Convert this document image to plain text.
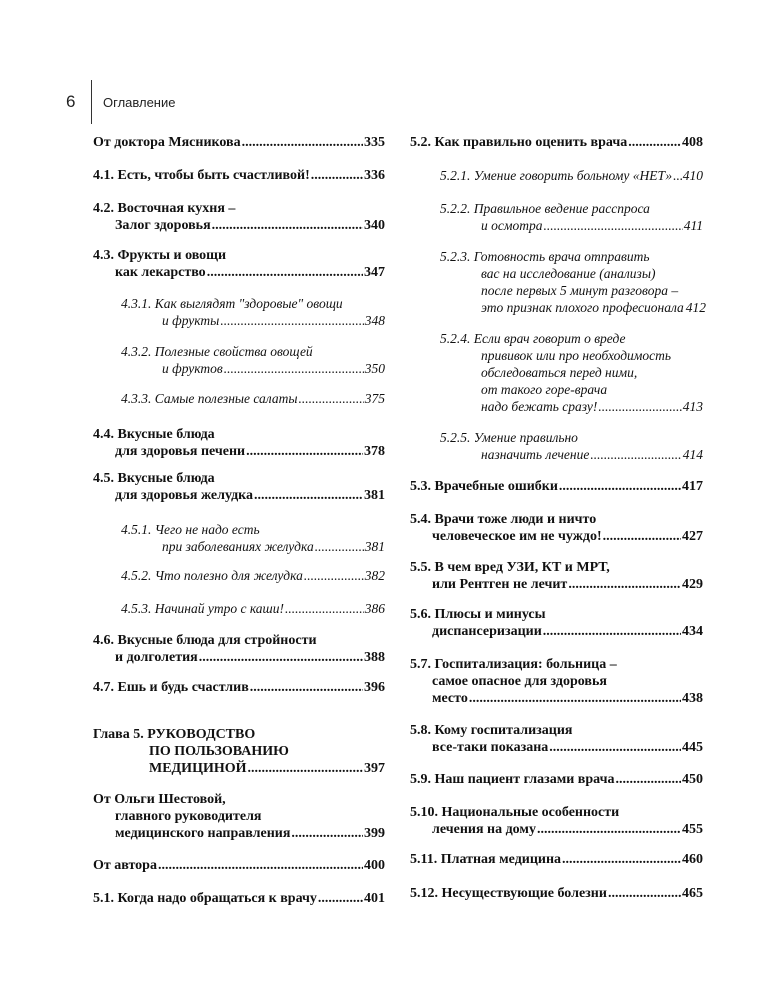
6 Оглавление
От доктора Мясникова .....	335
4.1. Есть, чтобы быть счастливой! .....	336
4.2. Восточная кухня –
Залог здоровья .....	340
4.3. Фрукты и овощи
как лекарство .....	347
4.3.1. Как выглядят "здоровые" овощи
и фрукты .....	348
4.3.2. Полезные свойства овощей
и фруктов .....	350
4.3.3. Самые полезные салаты .....	375
4.4. Вкусные блюда
для здоровья печени .....	378
4.5. Вкусные блюда
для здоровья желудка .....	381
4.5.1. Чего не надо есть
при заболеваниях желудка .....	381
4.5.2. Что полезно для желудка .....	382
4.5.3. Начинай утро с каши! .....	386
4.6. Вкусные блюда для стройности
и долголетия .....	388
4.7. Ешь и будь счастлив .....	396
Глава 5. РУКОВОДСТВО
ПО ПОЛЬЗОВАНИЮ
МЕДИЦИНОЙ .....	397
От Ольги Шестовой,
главного руководителя
медицинского направления .....	399
От автора .....	400
5.1. Когда надо обращаться к врачу .....	401
5.2. Как правильно оценить врача .....	408
5.2.1. Умение говорить больному «НЕТ» ..... 410
5.2.2. Правильное ведение расспроса
и осмотра .....	411
5.2.3. Готовность врача отправить
вас на исследование (анализы)
после первых 5 минут разговора –
это признак плохого професионала 412
5.2.4. Если врач говорит о вреде
прививок или про необходимость
обследоваться перед ними,
от такого горе-врача
надо бежать сразу! .....	413
5.2.5. Умение правильно
назначить лечение .....	414
5.3. Врачебные ошибки .....	417
5.4. Врачи тоже люди и ничто
человеческое им не чуждо! .....	427
5.5. В чем вред УЗИ, КТ и МРТ,
или Рентген не лечит .....	429
5.6. Плюсы и минусы
диспансеризации .....	434
5.7. Госпитализация: больница –
самое опасное для здоровья
место .....	438
5.8. Кому госпитализация
все-таки показана .....	445
5.9. Наш пациент глазами врача .....	450
5.10. Национальные особенности
лечения на дому .....	455
5.11. Платная медицина .....	460
5.12. Несуществующие болезни .....	465
